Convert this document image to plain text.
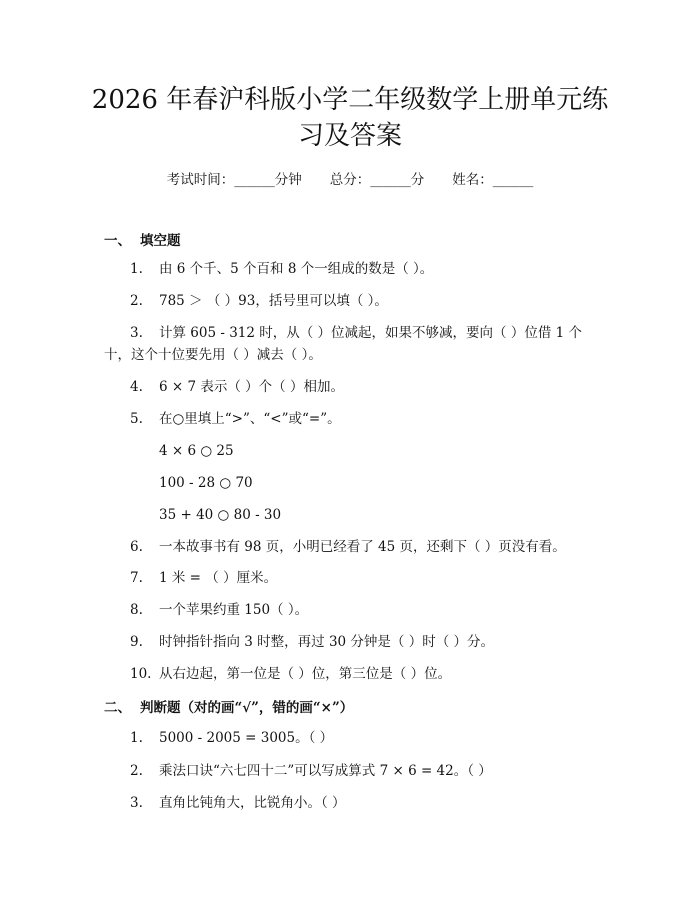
2026 年春沪科版小学二年级数学上册单元练
习及答案
考试时间：______分钟 总分：______分 姓名：______
一、 填空题
1.	由 6 个千、5 个百和 8 个一组成的数是（ ）。
2.	785 ＞ （ ）93，括号里可以填（ ）。
3.	计算 605 - 312 时，从（ ）位减起，如果不够减，要向（ ）位借 1 个
十，这个十位要先用（ ）减去（ ）。
4.	6 × 7 表示（ ）个（ ）相加。
5.	在○里填上“>”、“<”或“=”。
4 × 6 ○ 25
100 - 28 ○ 70
35 + 40 ○ 80 - 30
6.	一本故事书有 98 页，小明已经看了 45 页，还剩下（ ）页没有看。
7.	1 米 = （ ）厘米。
8.	一个苹果约重 150（ ）。
9.	时钟指针指向 3 时整，再过 30 分钟是（ ）时（ ）分。
10. 从右边起，第一位是（ ）位，第三位是（ ）位。
二、 判断题（对的画“√”，错的画“×”）
1.	5000 - 2005 = 3005。（ ）
2.	乘法口诀“六七四十二”可以写成算式 7 × 6 = 42。（ ）
3.	直角比钝角大，比锐角小。（ ）
